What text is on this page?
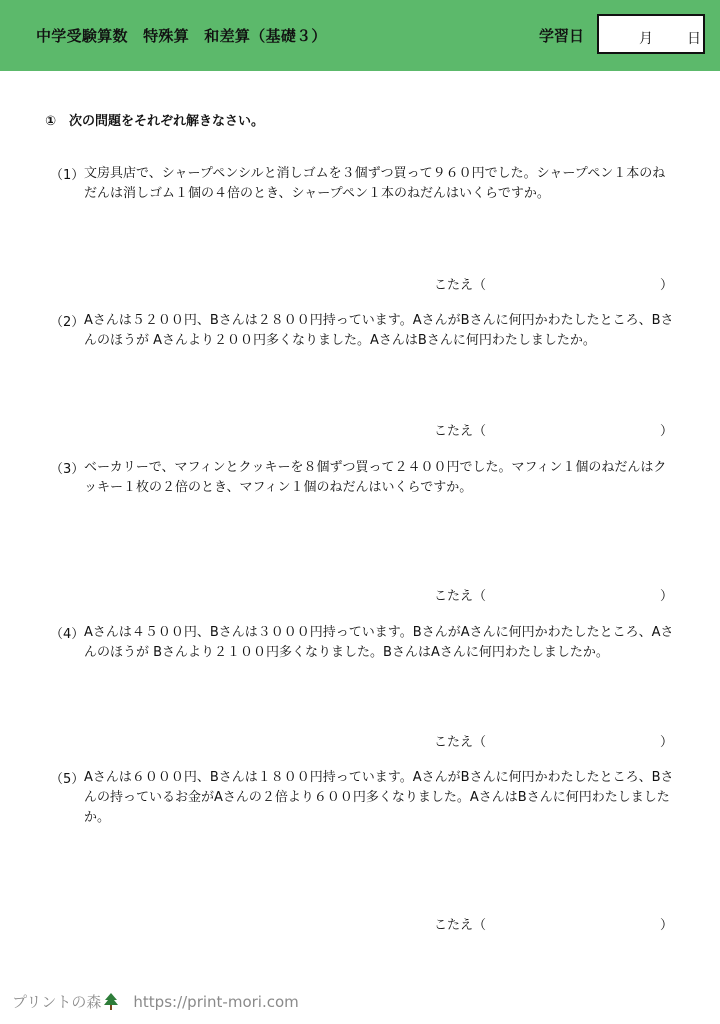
中学受験算数　特殊算　和差算（基礎３）	学習日	月 日
①　次の問題をそれぞれ解きなさい。
（1） 文房具店で、シャープペンシルと消しゴムを３個ずつ買って９６０円でした。シャープペン１本のねだんは消しゴム１個の４倍のとき、シャープペン１本のねだんはいくらですか。
こたえ（	）
（2） Aさんは５２００円、Bさんは２８００円持っています。AさんがBさんに何円かわたしたところ、Bさんのほうが Aさんより２００円多くなりました。AさんはBさんに何円わたしましたか。
こたえ（	）
（3） ベーカリーで、マフィンとクッキーを８個ずつ買って２４００円でした。マフィン１個のねだんはクッキー１枚の２倍のとき、マフィン１個のねだんはいくらですか。
こたえ（	）
（4） Aさんは４５００円、Bさんは３０００円持っています。BさんがAさんに何円かわたしたところ、Aさんのほうが Bさんより２１００円多くなりました。BさんはAさんに何円わたしましたか。
こたえ（	）
（5） Aさんは６０００円、Bさんは１８００円持っています。AさんがBさんに何円かわたしたところ、Bさんの持っているお金がAさんの２倍より６００円多くなりました。AさんはBさんに何円わたしましたか。
こたえ（	）
プリントの森 https://print-mori.com
